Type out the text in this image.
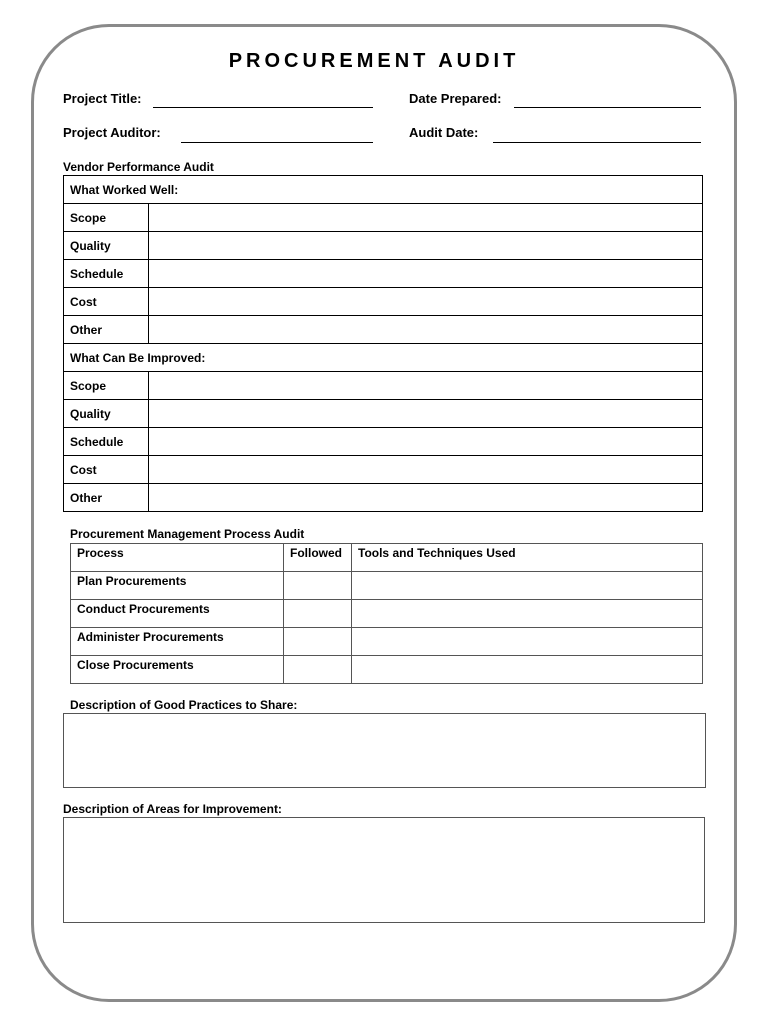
PROCUREMENT AUDIT
Project Title:	Date Prepared:
Project Auditor:	Audit Date:
Vendor Performance Audit
What Worked Well:	
Scope	
Quality	
Schedule	
Cost	
Other	
What Can Be Improved:	
Scope	
Quality	
Schedule	
Cost	
Other	
Procurement Management Process Audit
Process	Followed	Tools and Techniques Used
Plan Procurements		
Conduct Procurements		
Administer Procurements		
Close Procurements		
Description of Good Practices to Share:
Description of Areas for Improvement:
